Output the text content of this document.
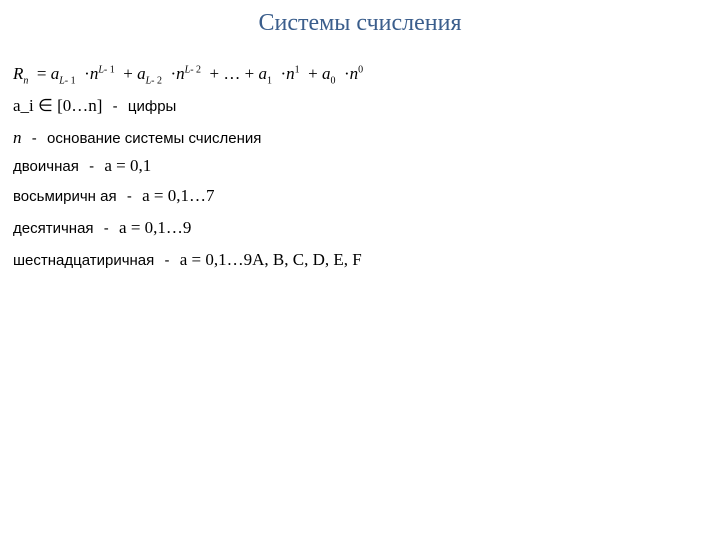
Системы счисления
$R_n = a_{L- 1} \cdot n^{L- 1} + a_{L- 2} \cdot n^{L- 2}$  + … + $a_1 \cdot n^1 + a_0 \cdot n^0$
a_i ∈ [0…n] - цифры
n - основание системы счисления
двоичная - a = 0,1
восьмиричн ая - a = 0,1…7
десятичная - a = 0,1…9
шестнадцатиричная - a = 0,1…9A, B, C, D, E, F
